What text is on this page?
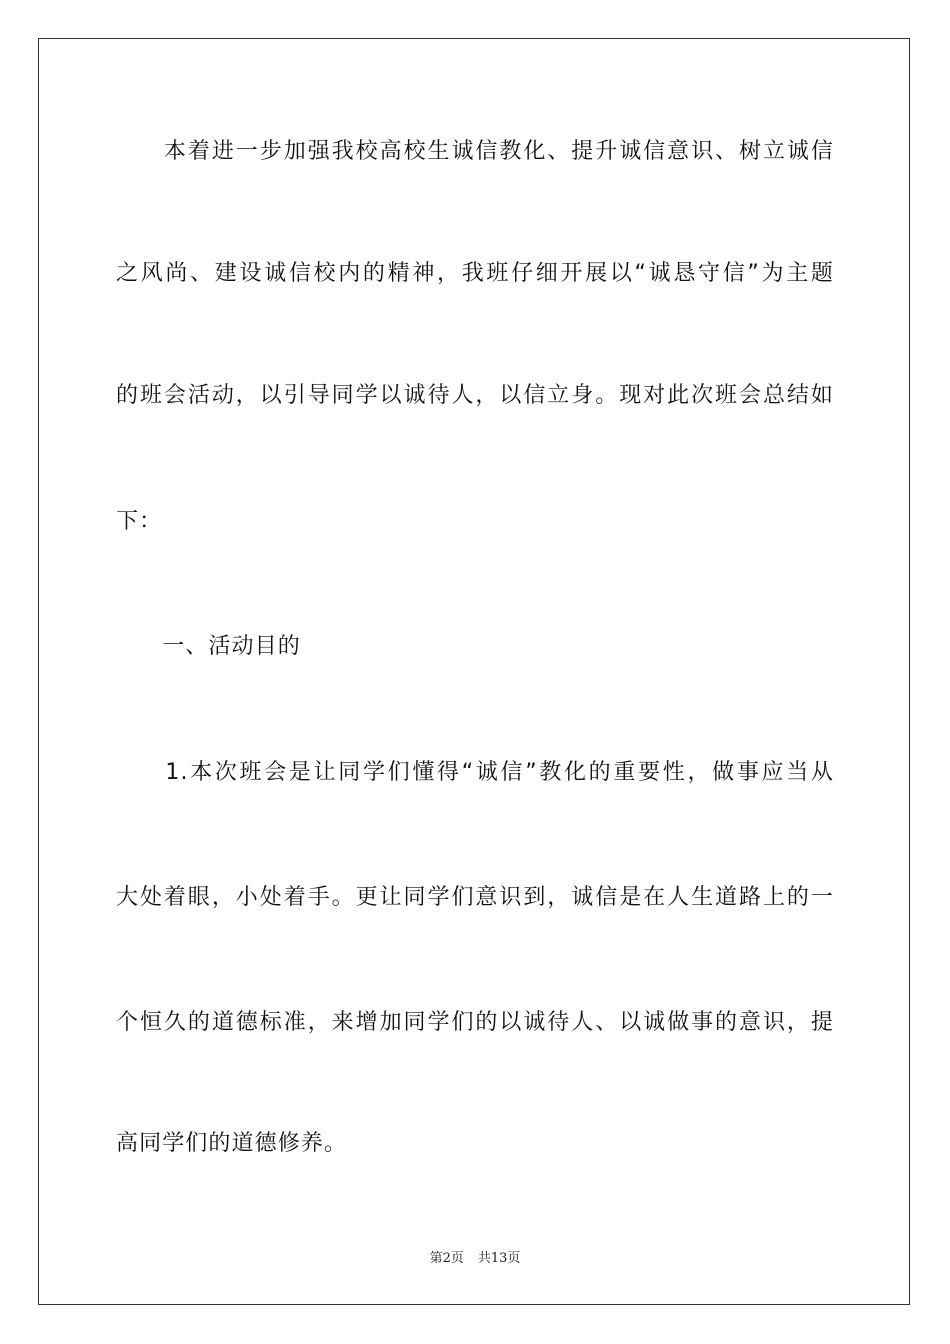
　　本着进一步加强我校高校生诚信教化、提升诚信意识、树立诚信

之风尚、建设诚信校内的精神，我班仔细开展以“诚恳守信”为主题

的班会活动，以引导同学以诚待人，以信立身。现对此次班会总结如

下：

　　一、活动目的

　　1.本次班会是让同学们懂得“诚信”教化的重要性，做事应当从

大处着眼，小处着手。更让同学们意识到，诚信是在人生道路上的一

个恒久的道德标准，来增加同学们的以诚待人、以诚做事的意识，提

高同学们的道德修养。

第2页 共13页
